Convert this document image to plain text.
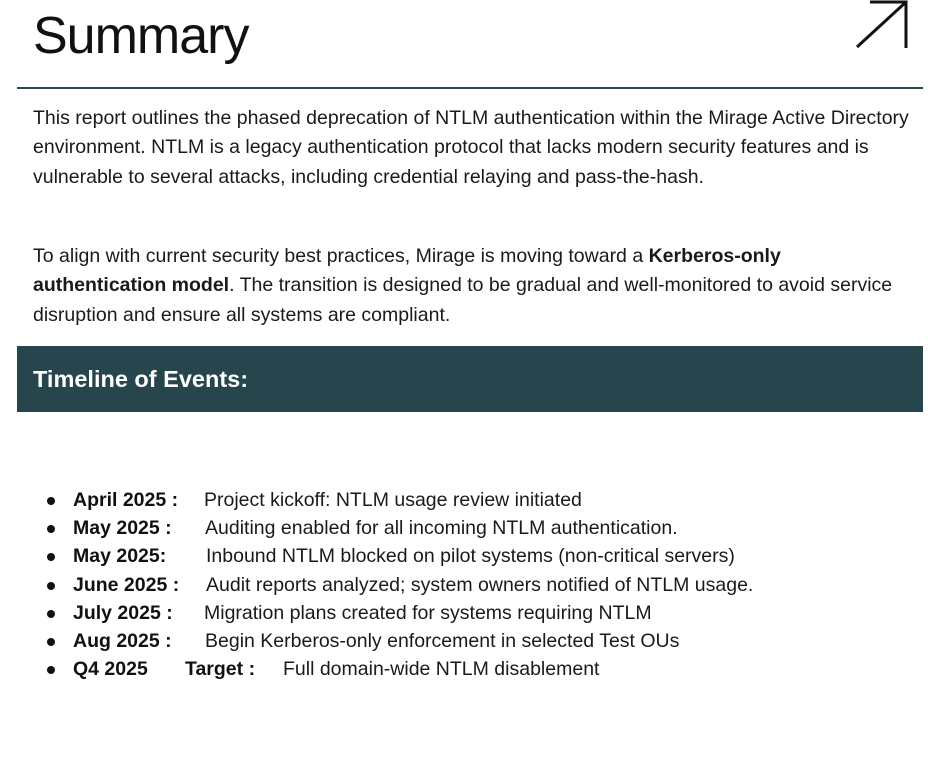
Summary

This report outlines the phased deprecation of NTLM authentication within the Mirage Active Directory environment. NTLM is a legacy authentication protocol that lacks modern security features and is vulnerable to several attacks, including credential relaying and pass-the-hash.

To align with current security best practices, Mirage is moving toward a Kerberos-only authentication model. The transition is designed to be gradual and well-monitored to avoid service disruption and ensure all systems are compliant.

Timeline of Events:
April 2025 : Project kickoff: NTLM usage review initiated
May 2025 : Auditing enabled for all incoming NTLM authentication.
May 2025: Inbound NTLM blocked on pilot systems (non-critical servers)
June 2025 : Audit reports analyzed; system owners notified of NTLM usage.
July 2025 : Migration plans created for systems requiring NTLM
Aug 2025 : Begin Kerberos-only enforcement in selected Test OUs
Q4 2025 Target : Full domain-wide NTLM disablement
